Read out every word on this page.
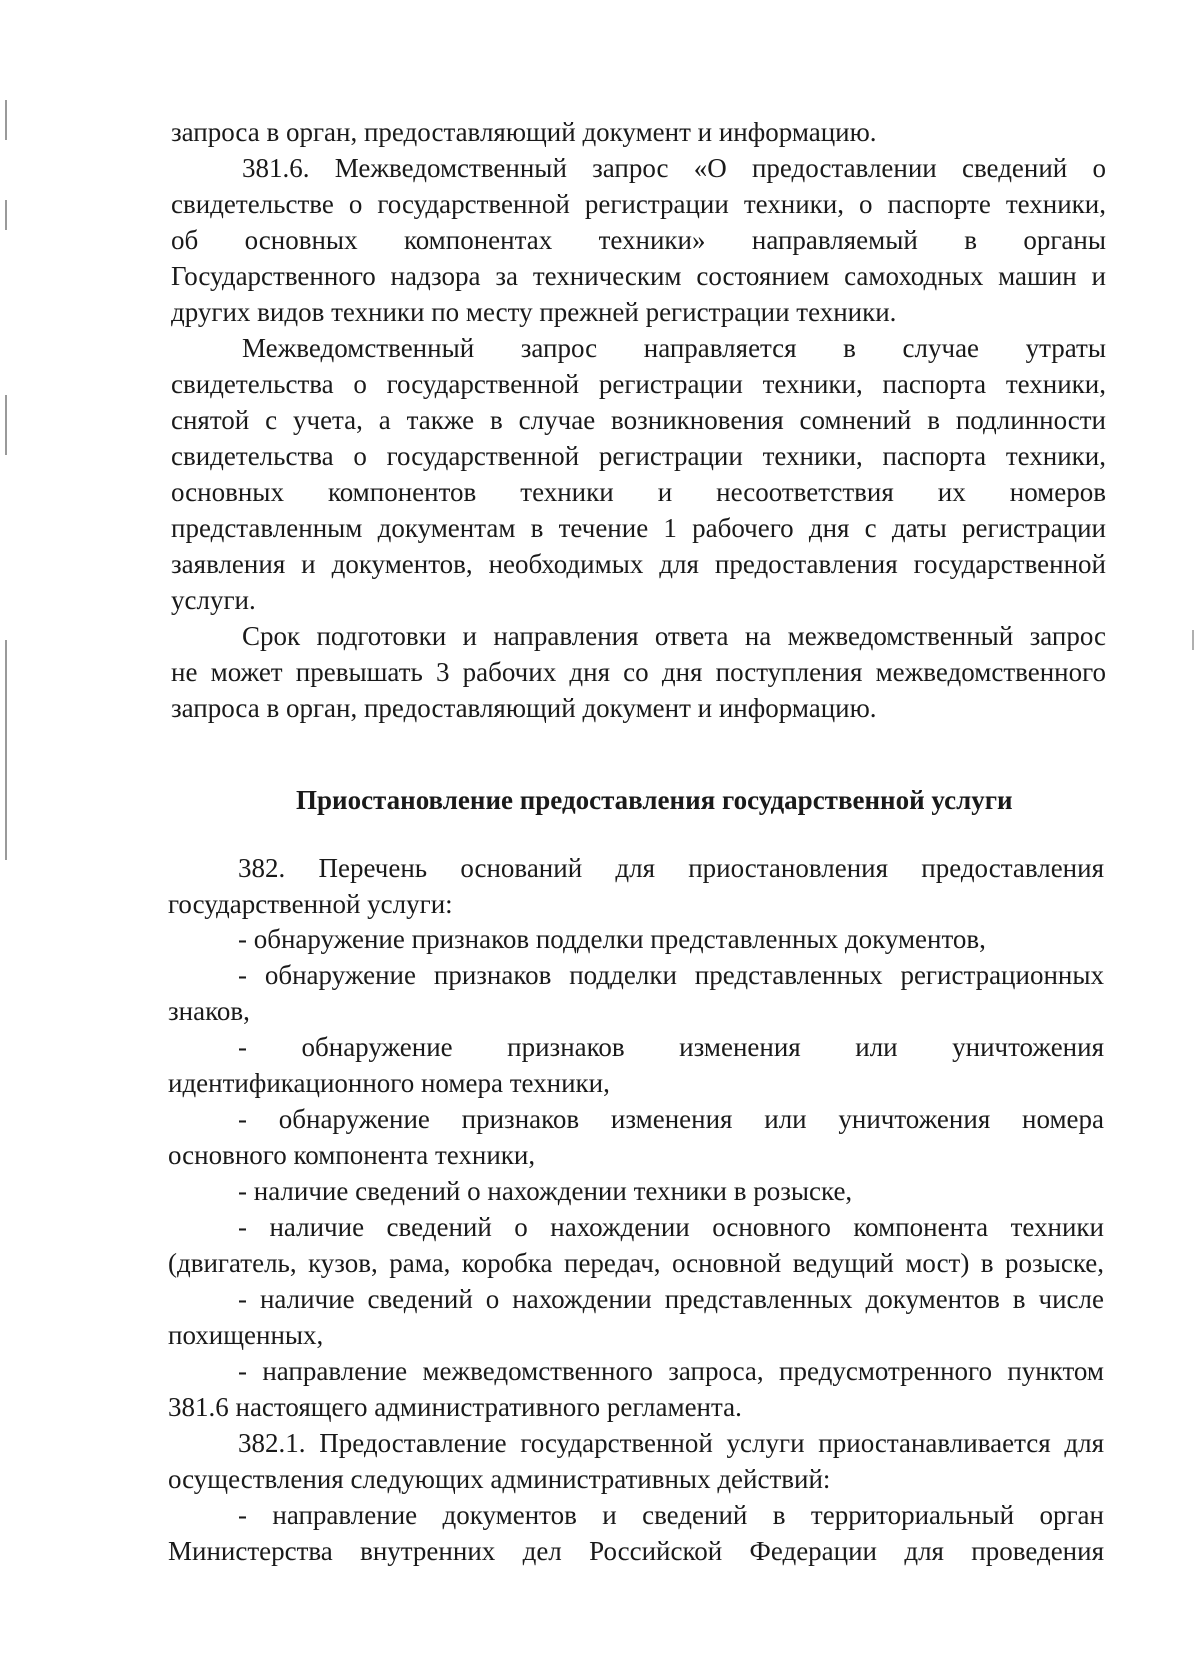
запроса в орган, предоставляющий документ и информацию.
381.6. Межведомственный запрос «О предоставлении сведений о
свидетельстве о государственной регистрации техники, о паспорте техники,
об основных компонентах техники» направляемый в органы
Государственного надзора за техническим состоянием самоходных машин и
других видов техники по месту прежней регистрации техники.
Межведомственный запрос направляется в случае утраты
свидетельства о государственной регистрации техники, паспорта техники,
снятой с учета, а также в случае возникновения сомнений в подлинности
свидетельства о государственной регистрации техники, паспорта техники,
основных компонентов техники и несоответствия их номеров
представленным документам в течение 1 рабочего дня с даты регистрации
заявления и документов, необходимых для предоставления государственной
услуги.
Срок подготовки и направления ответа на межведомственный запрос
не может превышать 3 рабочих дня со дня поступления межведомственного
запроса в орган, предоставляющий документ и информацию.
Приостановление предоставления государственной услуги
382. Перечень оснований для приостановления предоставления
государственной услуги:
- обнаружение признаков подделки представленных документов,
- обнаружение признаков подделки представленных регистрационных
знаков,
- обнаружение признаков изменения или уничтожения
идентификационного номера техники,
- обнаружение признаков изменения или уничтожения номера
основного компонента техники,
- наличие сведений о нахождении техники в розыске,
- наличие сведений о нахождении основного компонента техники
(двигатель, кузов, рама, коробка передач, основной ведущий мост) в розыске,
- наличие сведений о нахождении представленных документов в числе
похищенных,
- направление межведомственного запроса, предусмотренного пунктом
381.6 настоящего административного регламента.
382.1. Предоставление государственной услуги приостанавливается для
осуществления следующих административных действий:
- направление документов и сведений в территориальный орган
Министерства внутренних дел Российской Федерации для проведения
